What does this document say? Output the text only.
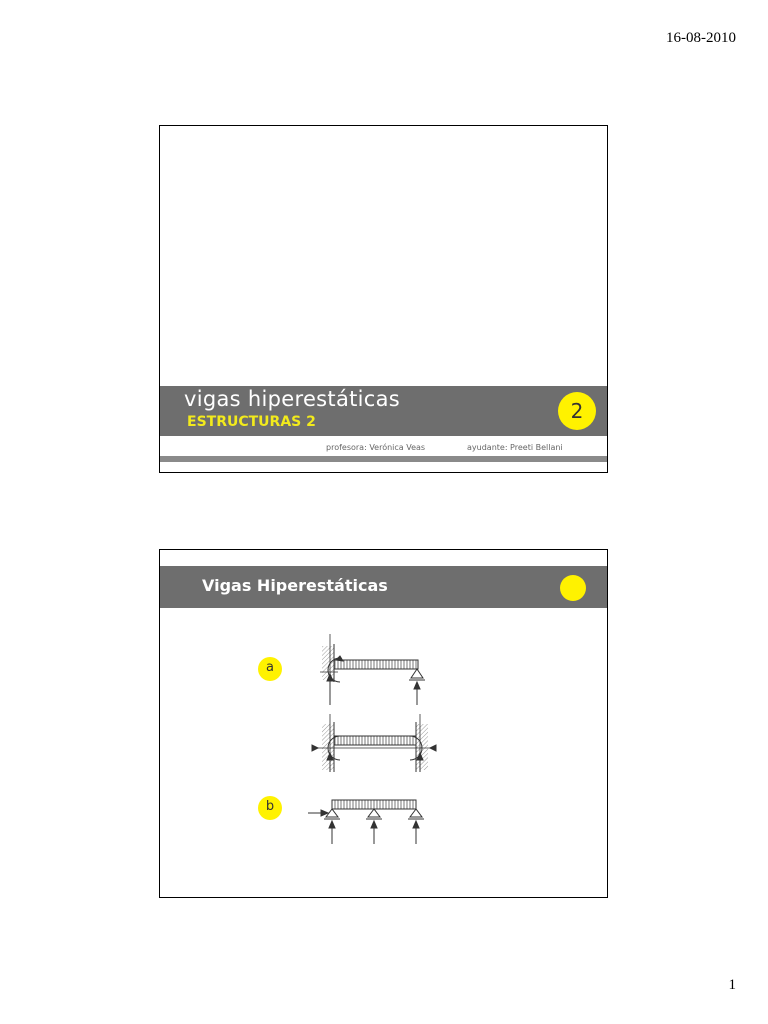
16-08-2010
vigas hiperestáticas
ESTRUCTURAS 2	2
profesora: Verónica Veas	ayudante: Preeti Bellani
Vigas Hiperestáticas
a
b
1
